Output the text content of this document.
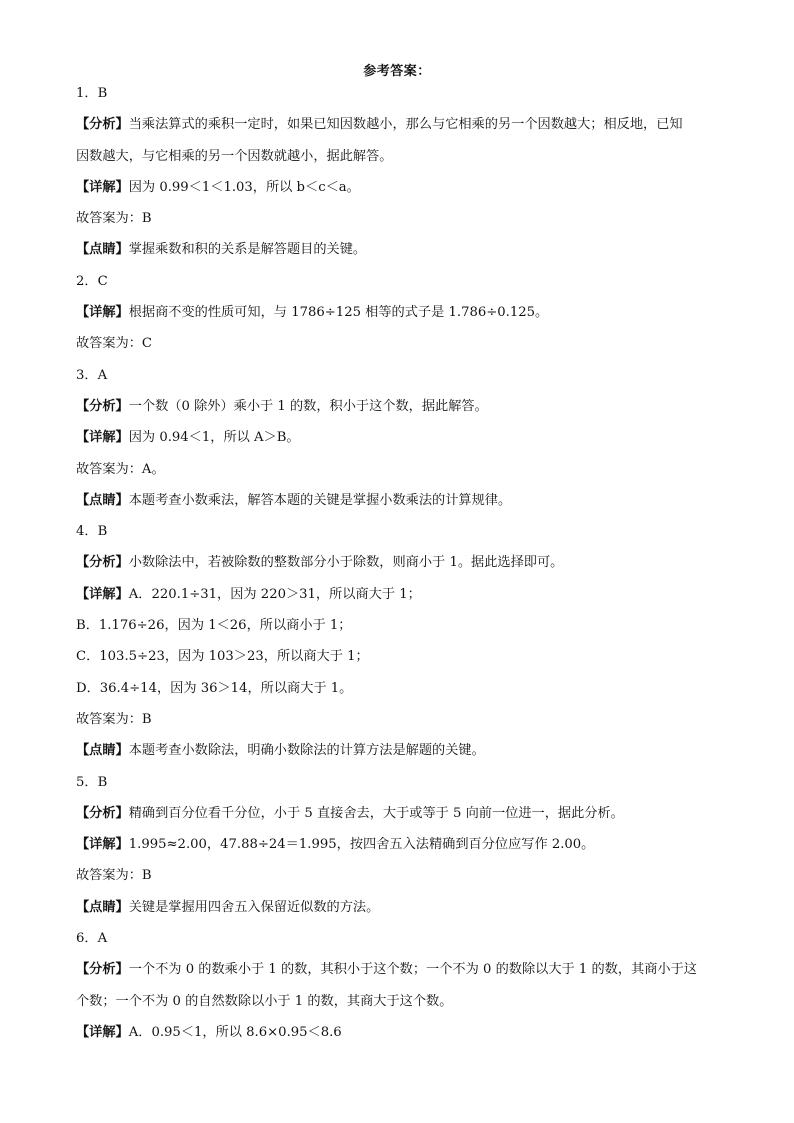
参考答案：
1．B
【分析】当乘法算式的乘积一定时，如果已知因数越小，那么与它相乘的另一个因数越大；相反地，已知
因数越大，与它相乘的另一个因数就越小，据此解答。
【详解】因为 0.99＜1＜1.03，所以 b＜c＜a。
故答案为：B
【点睛】掌握乘数和积的关系是解答题目的关键。
2．C
【详解】根据商不变的性质可知，与 1786÷125 相等的式子是 1.786÷0.125。
故答案为：C
3．A
【分析】一个数（0 除外）乘小于 1 的数，积小于这个数，据此解答。
【详解】因为 0.94＜1，所以 A＞B。
故答案为：A。
【点睛】本题考查小数乘法，解答本题的关键是掌握小数乘法的计算规律。
4．B
【分析】小数除法中，若被除数的整数部分小于除数，则商小于 1。据此选择即可。
【详解】A．220.1÷31，因为 220＞31，所以商大于 1；
B．1.176÷26，因为 1＜26，所以商小于 1；
C．103.5÷23，因为 103＞23，所以商大于 1；
D．36.4÷14，因为 36＞14，所以商大于 1。
故答案为：B
【点睛】本题考查小数除法，明确小数除法的计算方法是解题的关键。
5．B
【分析】精确到百分位看千分位，小于 5 直接舍去，大于或等于 5 向前一位进一，据此分析。
【详解】1.995≈2.00，47.88÷24＝1.995，按四舍五入法精确到百分位应写作 2.00。
故答案为：B
【点睛】关键是掌握用四舍五入保留近似数的方法。
6．A
【分析】一个不为 0 的数乘小于 1 的数，其积小于这个数；一个不为 0 的数除以大于 1 的数，其商小于这
个数；一个不为 0 的自然数除以小于 1 的数，其商大于这个数。
【详解】A．0.95＜1，所以 8.6×0.95＜8.6
